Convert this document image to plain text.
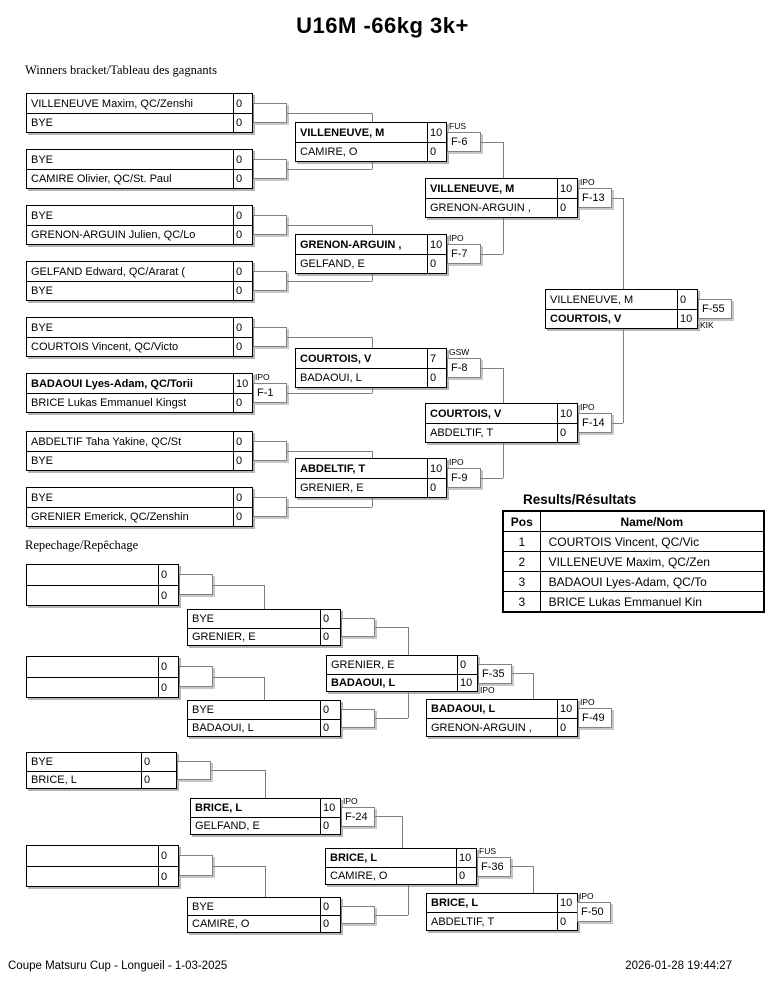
U16M -66kg 3k+
Winners bracket/Tableau des gagnants
Repechage/Repêchage
VILLENEUVE Maxim, QC/Zenshi	0
BYE	0
BYE	0
CAMIRE Olivier, QC/St. Paul	0
BYE	0
GRENON-ARGUIN Julien, QC/Lo	0
GELFAND Edward, QC/Ararat (	0
BYE	0
BYE	0
COURTOIS Vincent, QC/Victo	0
BADAOUI Lyes-Adam, QC/Torii	10
BRICE Lukas Emmanuel Kingst	0
ABDELTIF Taha Yakine, QC/St	0
BYE	0
BYE	0
GRENIER Emerick, QC/Zenshin	0
VILLENEUVE, M	10
CAMIRE, O	0
GRENON-ARGUIN ,	10
GELFAND, E	0
COURTOIS, V	7
BADAOUI, L	0
ABDELTIF, T	10
GRENIER, E	0
VILLENEUVE, M	10
GRENON-ARGUIN ,	0
COURTOIS, V	10
ABDELTIF, T	0
VILLENEUVE, M	0
COURTOIS, V	10
0
0
BYE	0
GRENIER, E	0
0
0
BYE	0
BADAOUI, L	0
GRENIER, E	0
BADAOUI, L	10
BADAOUI, L	10
GRENON-ARGUIN ,	0
BYE	0
BRICE, L	0
BRICE, L	10
GELFAND, E	0
0
0
BYE	0
CAMIRE, O	0
BRICE, L	10
CAMIRE, O	0
BRICE, L	10
ABDELTIF, T	0
F-1
IPO
F-6
FUS
F-7
IPO
F-8
GSW
F-9
IPO
F-13
IPO
F-14
IPO
F-55
KIK
F-35
IPO
F-49
IPO
F-24
IPO
F-36
FUS
F-50
IPO
Results/Résultats
Pos	Name/Nom
1	COURTOIS Vincent, QC/Vic
2	VILLENEUVE Maxim, QC/Zen
3	BADAOUI Lyes-Adam, QC/To
3	BRICE Lukas Emmanuel Kin
Coupe Matsuru Cup - Longueil - 1-03-2025	2026-01-28 19:44:27
